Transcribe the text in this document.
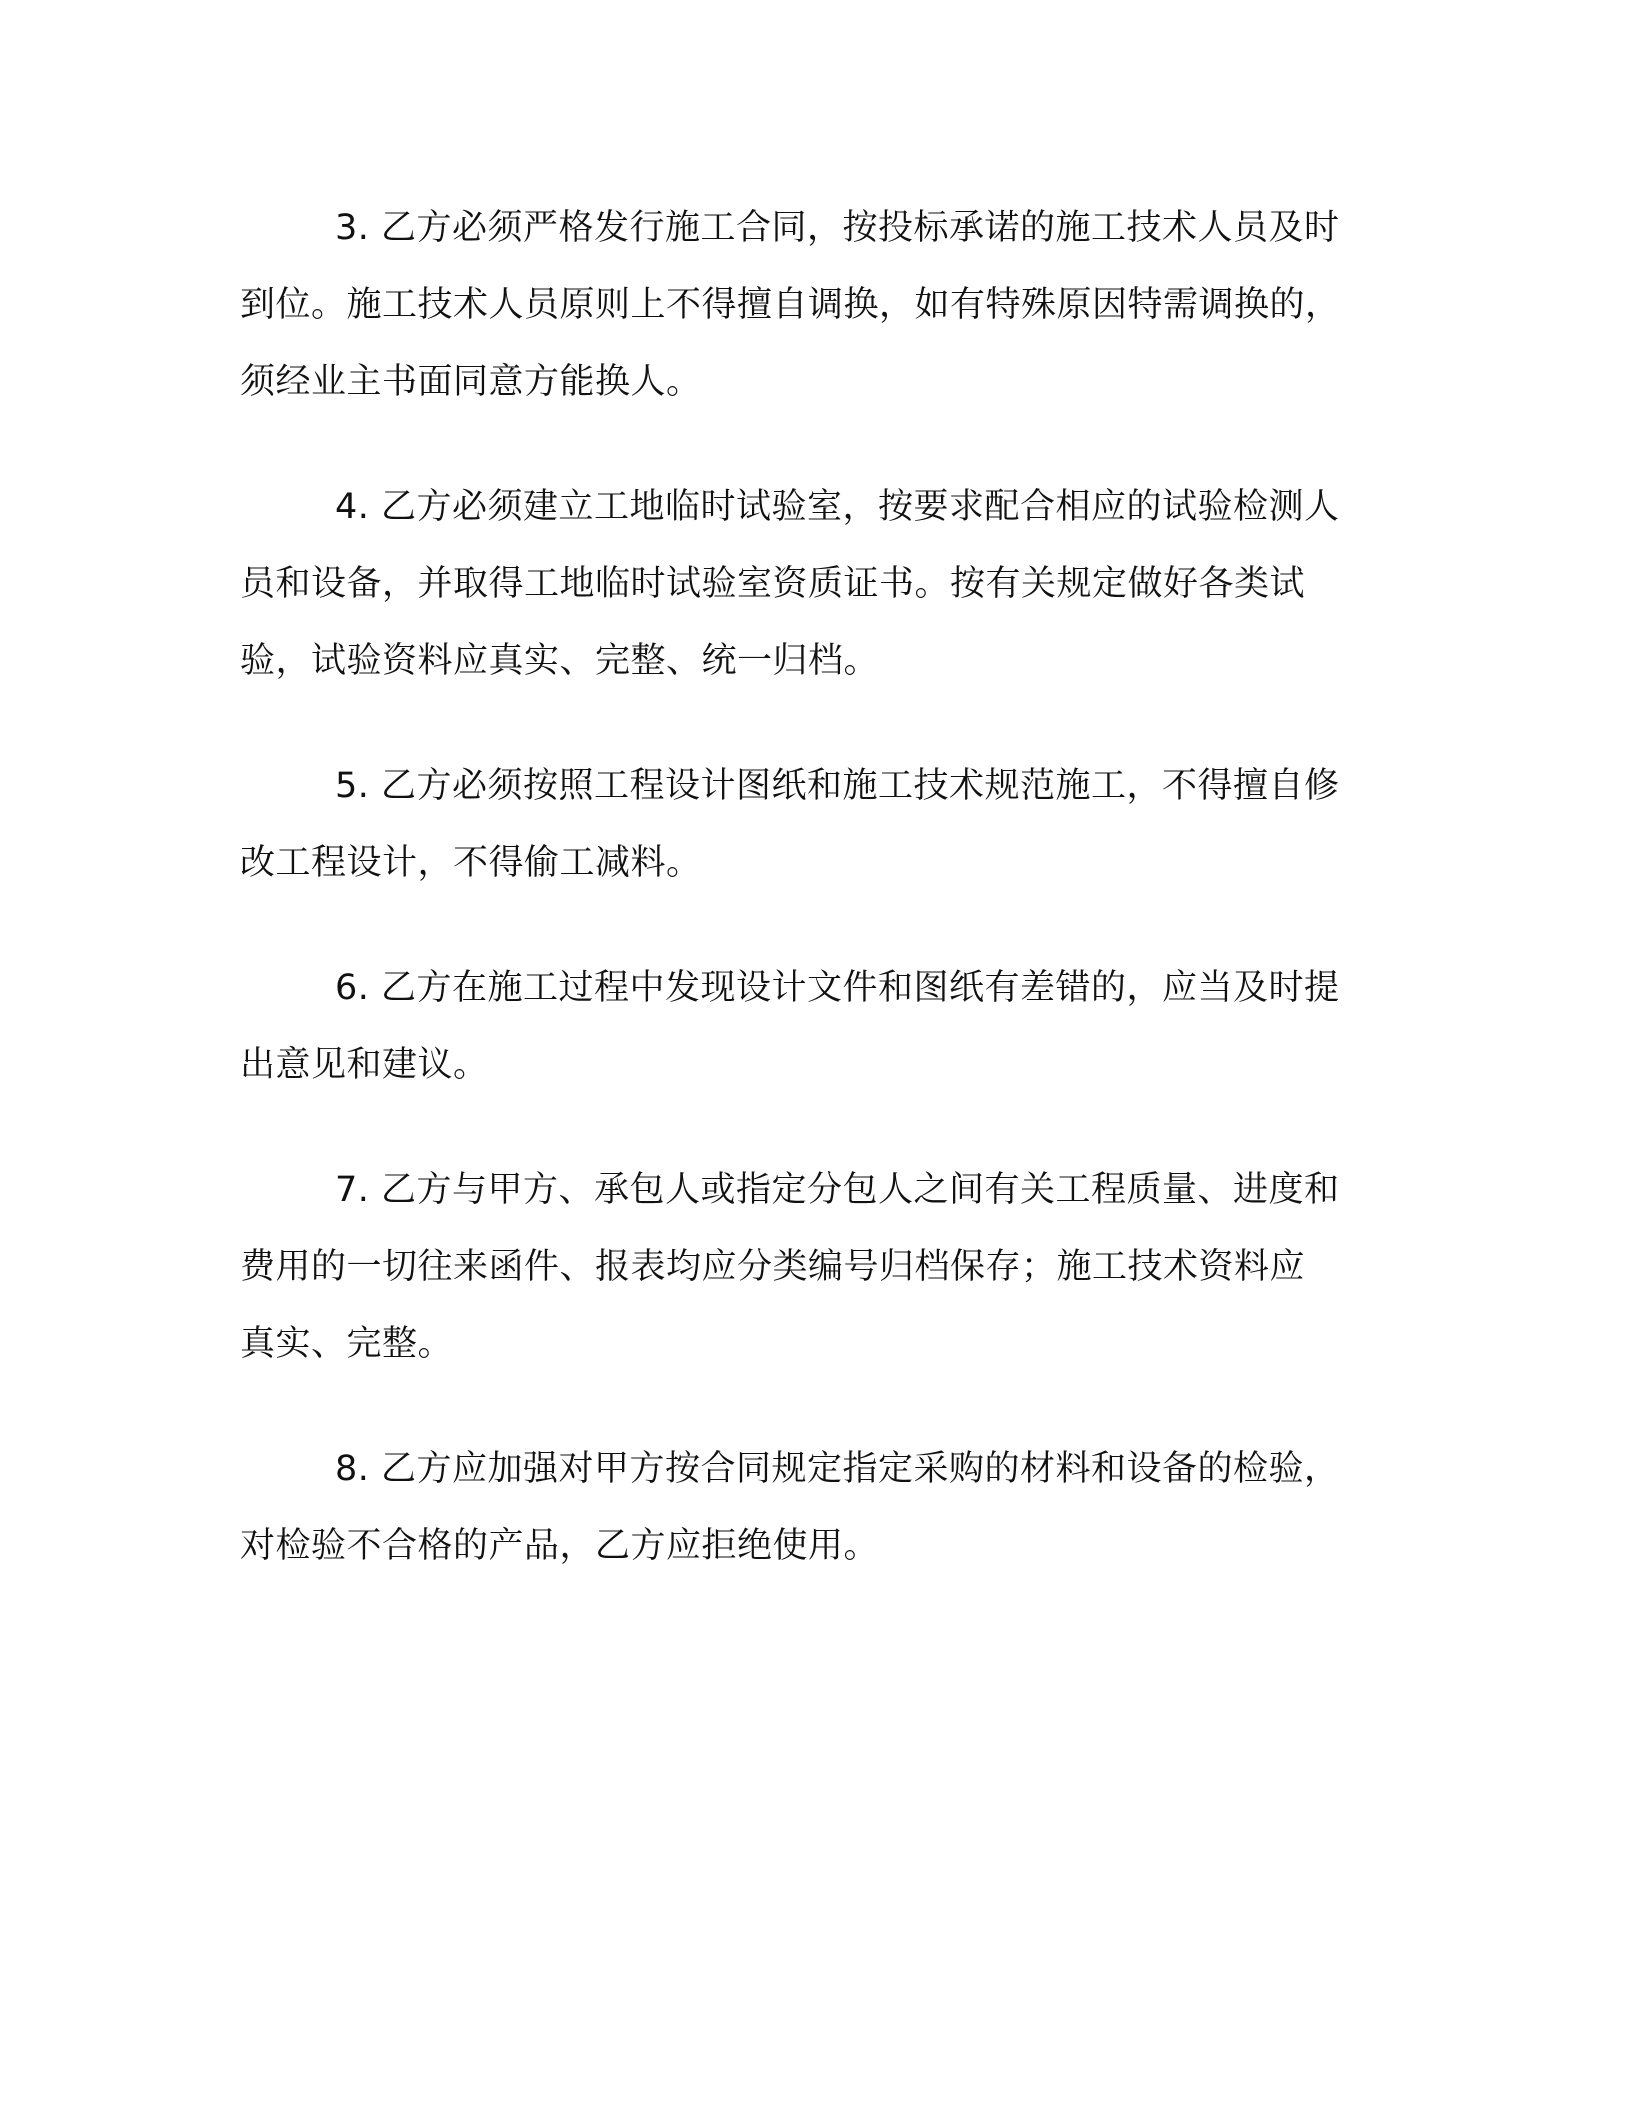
3. 乙方必须严格发行施工合同，按投标承诺的施工技术人员及时
到位。施工技术人员原则上不得擅自调换，如有特殊原因特需调换的，
须经业主书面同意方能换人。
4. 乙方必须建立工地临时试验室，按要求配合相应的试验检测人
员和设备，并取得工地临时试验室资质证书。按有关规定做好各类试
验，试验资料应真实、完整、统一归档。
5. 乙方必须按照工程设计图纸和施工技术规范施工，不得擅自修
改工程设计，不得偷工减料。
6. 乙方在施工过程中发现设计文件和图纸有差错的，应当及时提
出意见和建议。
7. 乙方与甲方、承包人或指定分包人之间有关工程质量、进度和
费用的一切往来函件、报表均应分类编号归档保存；施工技术资料应
真实、完整。
8. 乙方应加强对甲方按合同规定指定采购的材料和设备的检验，
对检验不合格的产品，乙方应拒绝使用。
